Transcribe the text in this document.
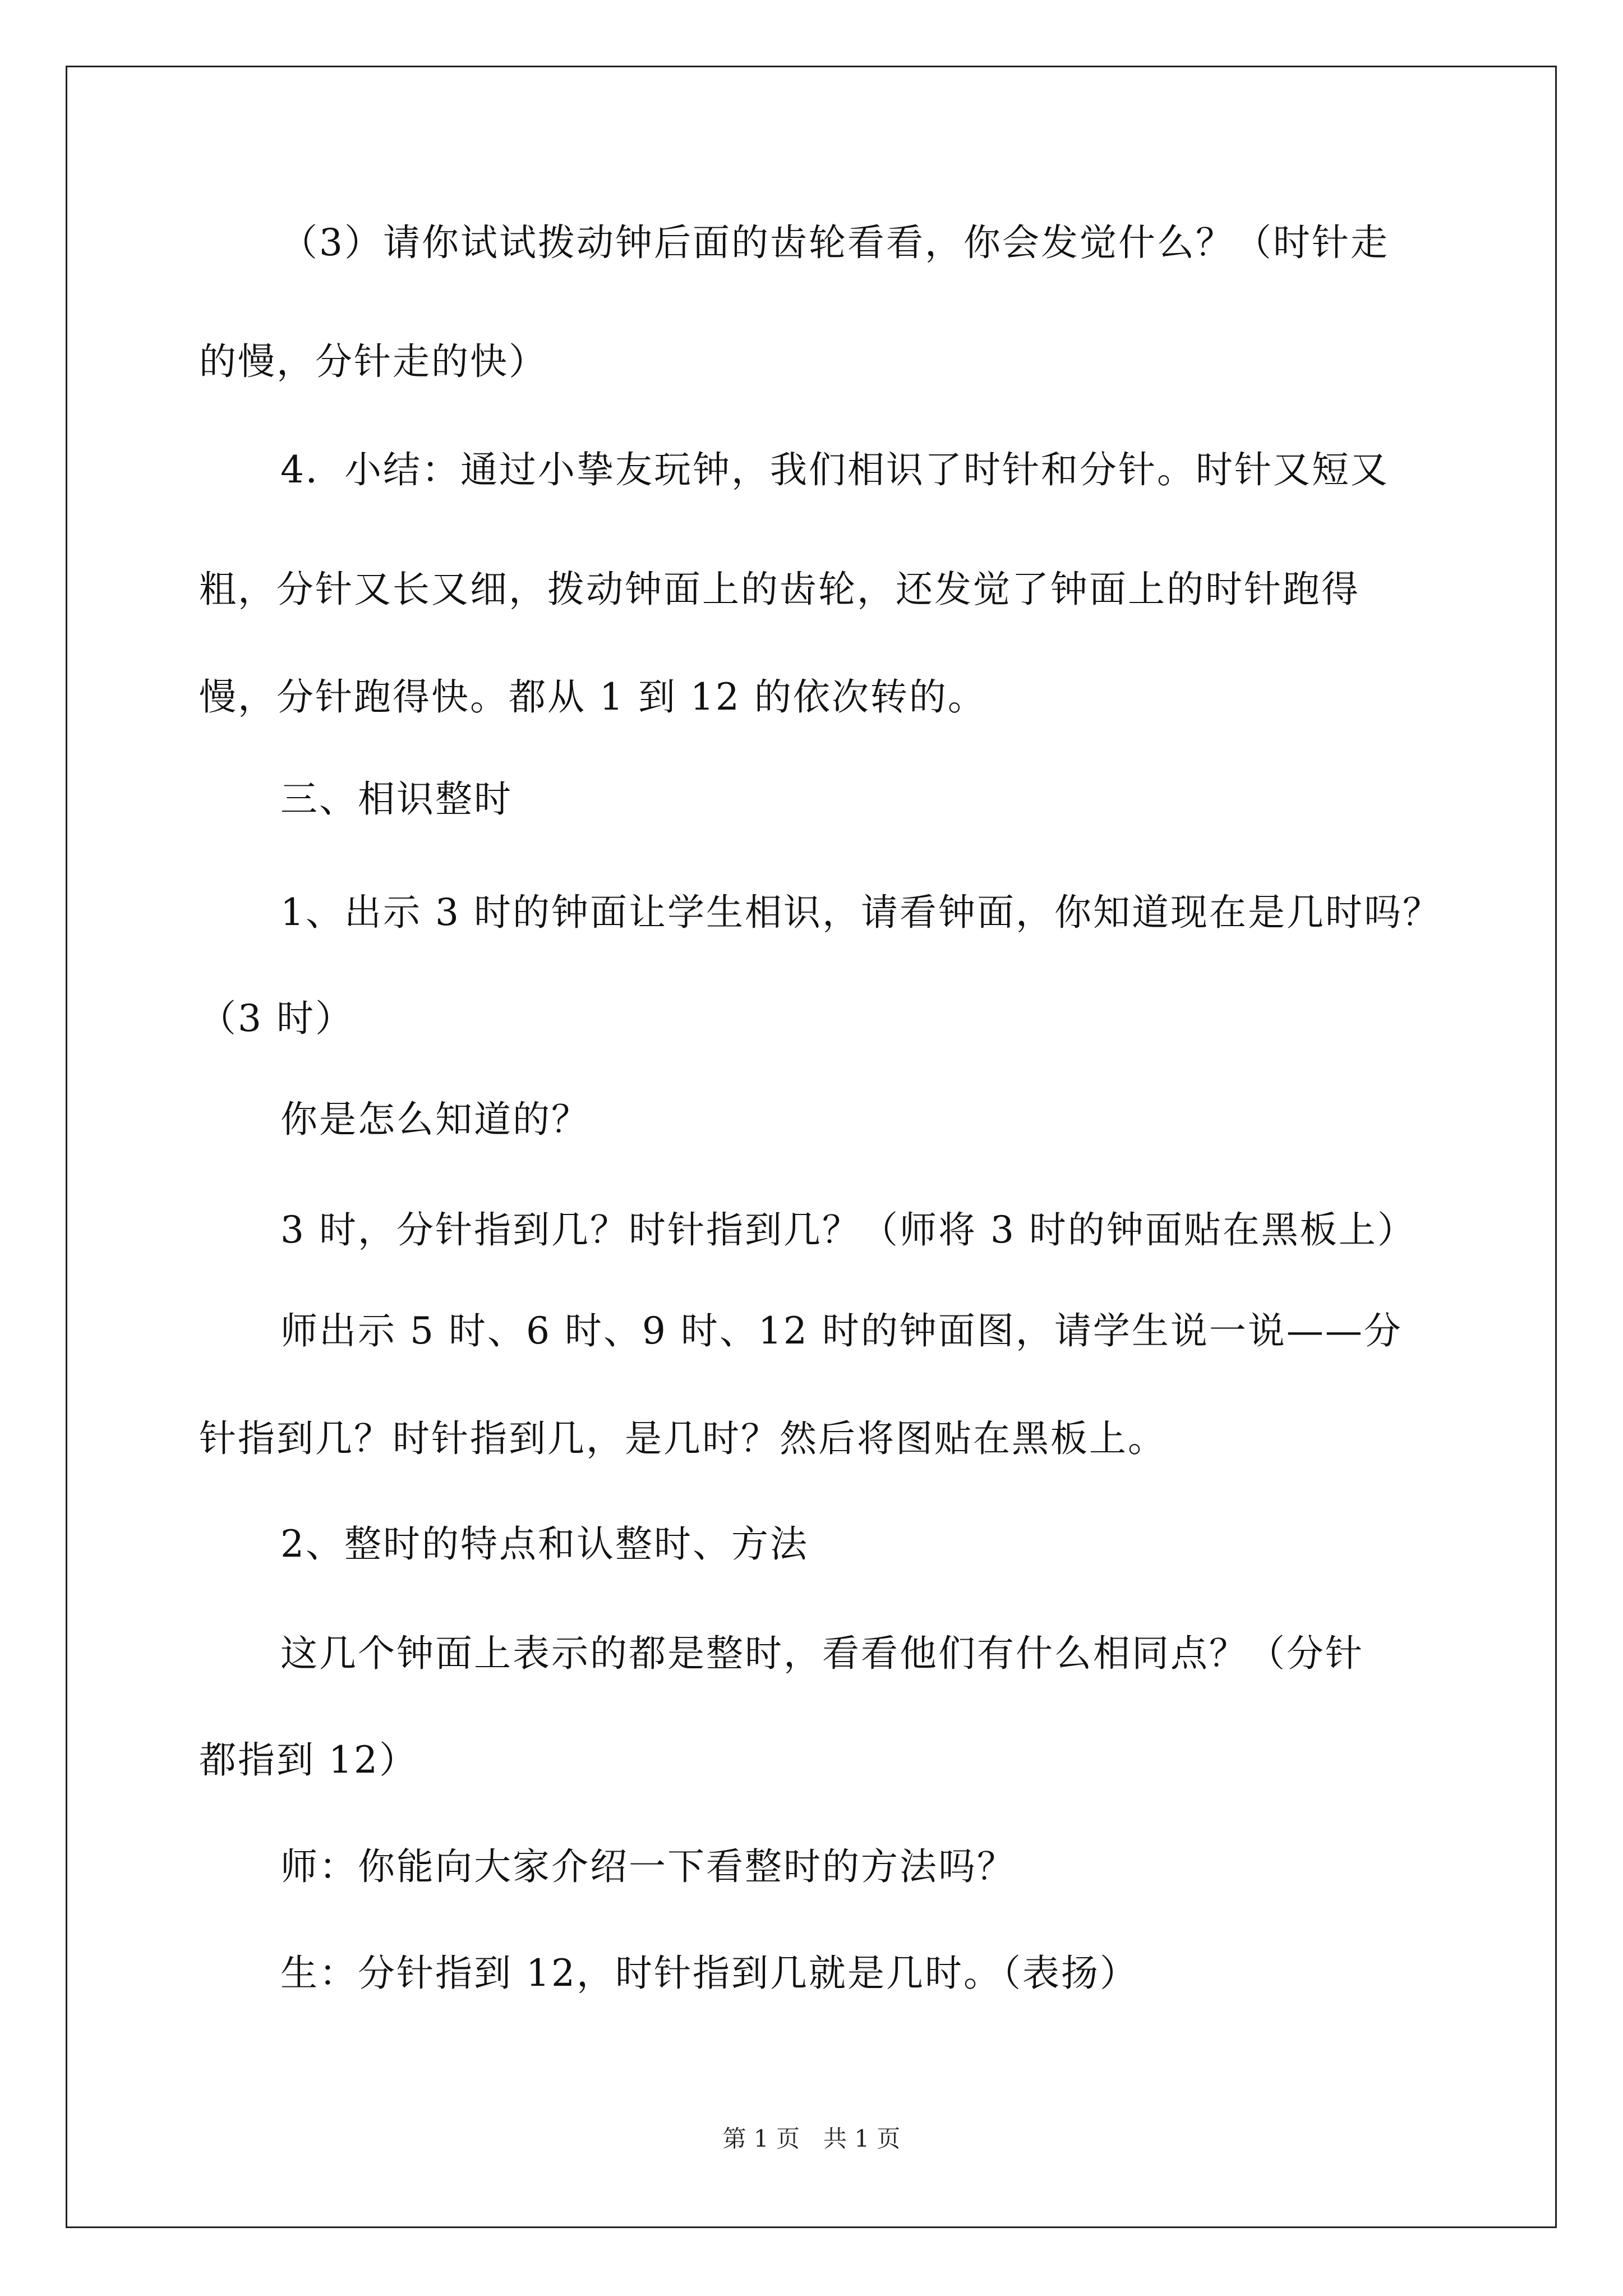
（3）请你试试拨动钟后面的齿轮看看，你会发觉什么？（时针走
的慢，分针走的快）
4．小结：通过小挚友玩钟，我们相识了时针和分针。时针又短又
粗，分针又长又细，拨动钟面上的齿轮，还发觉了钟面上的时针跑得
慢，分针跑得快。都从 1 到 12 的依次转的。
三、相识整时
1、出示 3 时的钟面让学生相识，请看钟面，你知道现在是几时吗？
（3 时）
你是怎么知道的？
3 时，分针指到几？时针指到几？（师将 3 时的钟面贴在黑板上）
师出示 5 时、6 时、9 时、12 时的钟面图，请学生说一说——分
针指到几？时针指到几，是几时？然后将图贴在黑板上。
2、整时的特点和认整时、方法
这几个钟面上表示的都是整时，看看他们有什么相同点？（分针
都指到 12）
师：你能向大家介绍一下看整时的方法吗？
生：分针指到 12，时针指到几就是几时。（表扬）
第 1 页　共 1 页
